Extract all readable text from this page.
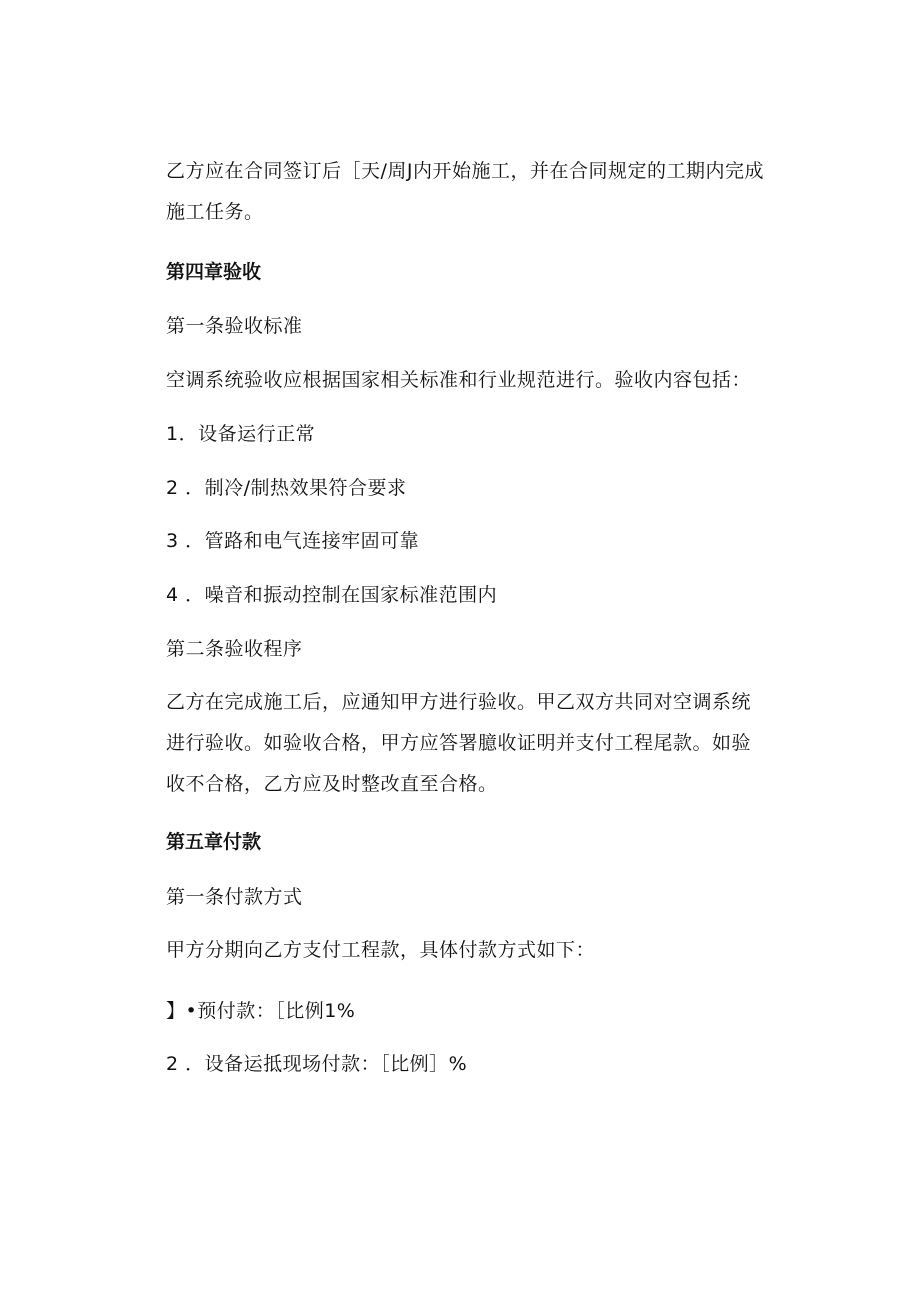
乙方应在合同签订后［天/周J内开始施工，并在合同规定的工期内完成施工任务。
第四章验收
第一条验收标准
空调系统验收应根据国家相关标准和行业规范进行。验收内容包括：
1．设备运行正常
2 ．制冷/制热效果符合要求
3 ．管路和电气连接牢固可靠
4 ．噪音和振动控制在国家标准范围内
第二条验收程序
乙方在完成施工后，应通知甲方进行验收。甲乙双方共同对空调系统进行验收。如验收合格，甲方应答署臆收证明并支付工程尾款。如验收不合格，乙方应及时整改直至合格。
第五章付款
第一条付款方式
甲方分期向乙方支付工程款，具体付款方式如下：
】•预付款：［比例1%
2 ．设备运抵现场付款：［比例］%
